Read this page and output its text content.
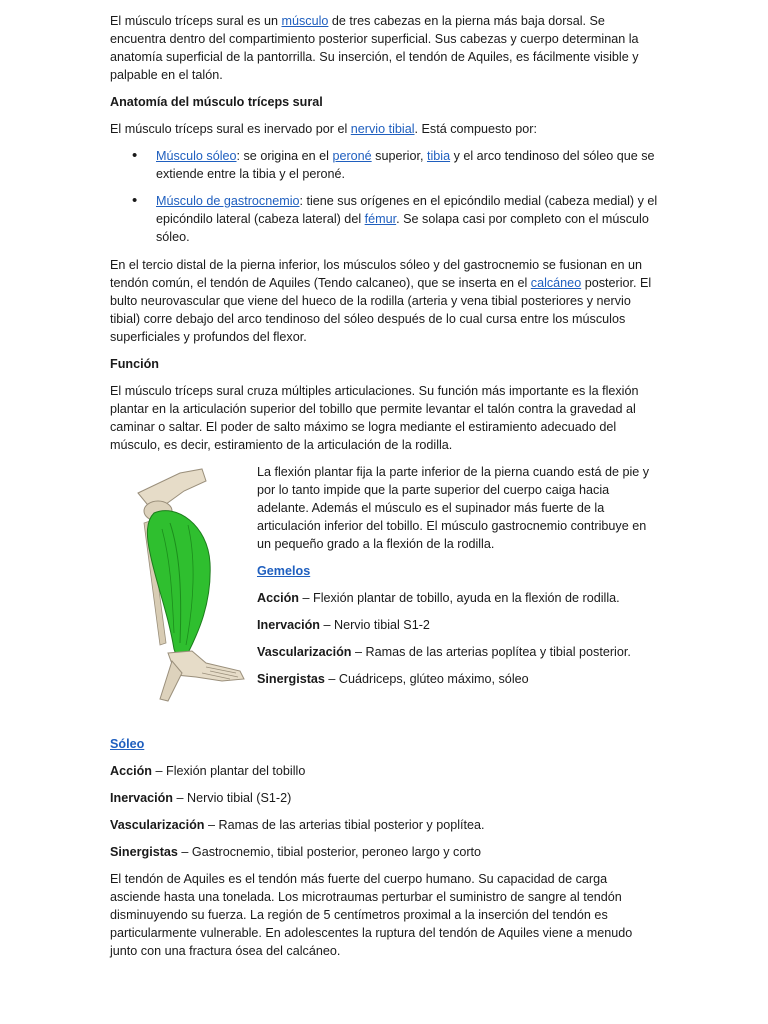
El músculo tríceps sural es un músculo de tres cabezas en la pierna más baja dorsal. Se encuentra dentro del compartimiento posterior superficial. Sus cabezas y cuerpo determinan la anatomía superficial de la pantorrilla. Su inserción, el tendón de Aquiles, es fácilmente visible y palpable en el talón.

Anatomía del músculo tríceps sural

El músculo tríceps sural es inervado por el nervio tibial. Está compuesto por:

• Músculo sóleo: se origina en el peroné superior, tibia y el arco tendinoso del sóleo que se extiende entre la tibia y el peroné.
• Músculo de gastrocnemio: tiene sus orígenes en el epicóndilo medial (cabeza medial) y el epicóndilo lateral (cabeza lateral) del fémur. Se solapa casi por completo con el músculo sóleo.

En el tercio distal de la pierna inferior, los músculos sóleo y del gastrocnemio se fusionan en un tendón común, el tendón de Aquiles (Tendo calcaneo), que se inserta en el calcáneo posterior. El bulto neurovascular que viene del hueco de la rodilla (arteria y vena tibial posteriores y nervio tibial) corre debajo del arco tendinoso del sóleo después de lo cual cursa entre los músculos superficiales y profundos del flexor.

Función

El músculo tríceps sural cruza múltiples articulaciones. Su función más importante es la flexión plantar en la articulación superior del tobillo que permite levantar el talón contra la gravedad al caminar o saltar. El poder de salto máximo se logra mediante el estiramiento adecuado del músculo, es decir, estiramiento de la articulación de la rodilla.

La flexión plantar fija la parte inferior de la pierna cuando está de pie y por lo tanto impide que la parte superior del cuerpo caiga hacia adelante. Además el músculo es el supinador más fuerte de la articulación inferior del tobillo. El músculo gastrocnemio contribuye en un pequeño grado a la flexión de la rodilla.

Gemelos

Acción – Flexión plantar de tobillo, ayuda en la flexión de rodilla.

Inervación – Nervio tibial S1-2

Vascularización – Ramas de las arterias poplítea y tibial posterior.

Sinergistas – Cuádriceps, glúteo máximo, sóleo

Sóleo

Acción – Flexión plantar del tobillo

Inervación – Nervio tibial (S1-2)

Vascularización – Ramas de las arterias tibial posterior y poplítea.

Sinergistas – Gastrocnemio, tibial posterior, peroneo largo y corto

El tendón de Aquiles es el tendón más fuerte del cuerpo humano. Su capacidad de carga asciende hasta una tonelada. Los microtraumas perturbar el suministro de sangre al tendón disminuyendo su fuerza. La región de 5 centímetros proximal a la inserción del tendón es particularmente vulnerable. En adolescentes la ruptura del tendón de Aquiles viene a menudo junto con una fractura ósea del calcáneo.
